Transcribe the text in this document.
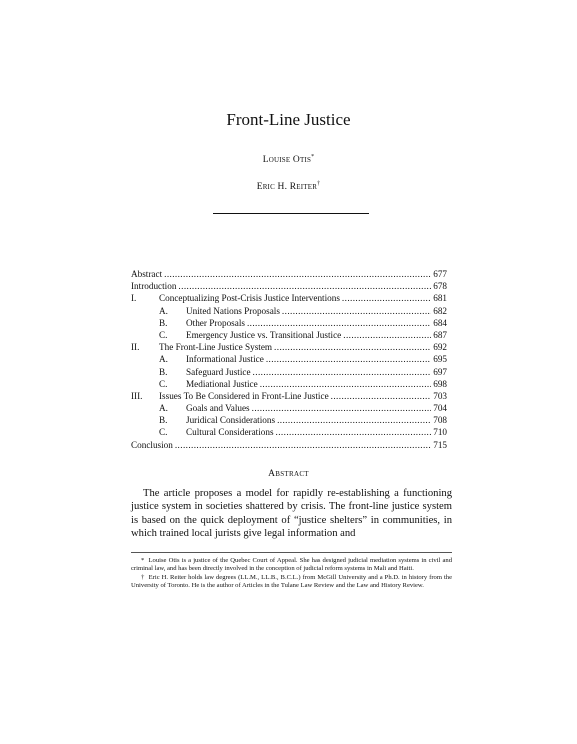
Front-Line Justice
Louise Otis*
Eric H. Reiter†
Abstract .....	677
Introduction .....	678
I.	Conceptualizing Post-Crisis Justice Interventions .....	681
A.	United Nations Proposals .....	682
B.	Other Proposals .....	684
C.	Emergency Justice vs. Transitional Justice .....	687
II.	The Front-Line Justice System .....	692
A.	Informational Justice .....	695
B.	Safeguard Justice .....	697
C.	Mediational Justice .....	698
III.	Issues To Be Considered in Front-Line Justice .....	703
A.	Goals and Values .....	704
B.	Juridical Considerations .....	708
C.	Cultural Considerations .....	710
Conclusion .....	715
Abstract
The article proposes a model for rapidly re-establishing a functioning justice system in societies shattered by crisis. The front-line justice system is based on the quick deployment of “justice shelters” in communities, in which trained local jurists give legal information and

* Louise Otis is a justice of the Quebec Court of Appeal. She has designed judicial mediation systems in civil and criminal law, and has been directly involved in the conception of judicial reform systems in Mali and Haiti.

† Eric H. Reiter holds law degrees (LL.M., LL.B., B.C.L.) from McGill University and a Ph.D. in history from the University of Toronto. He is the author of Articles in the Tulane Law Review and the Law and History Review.
